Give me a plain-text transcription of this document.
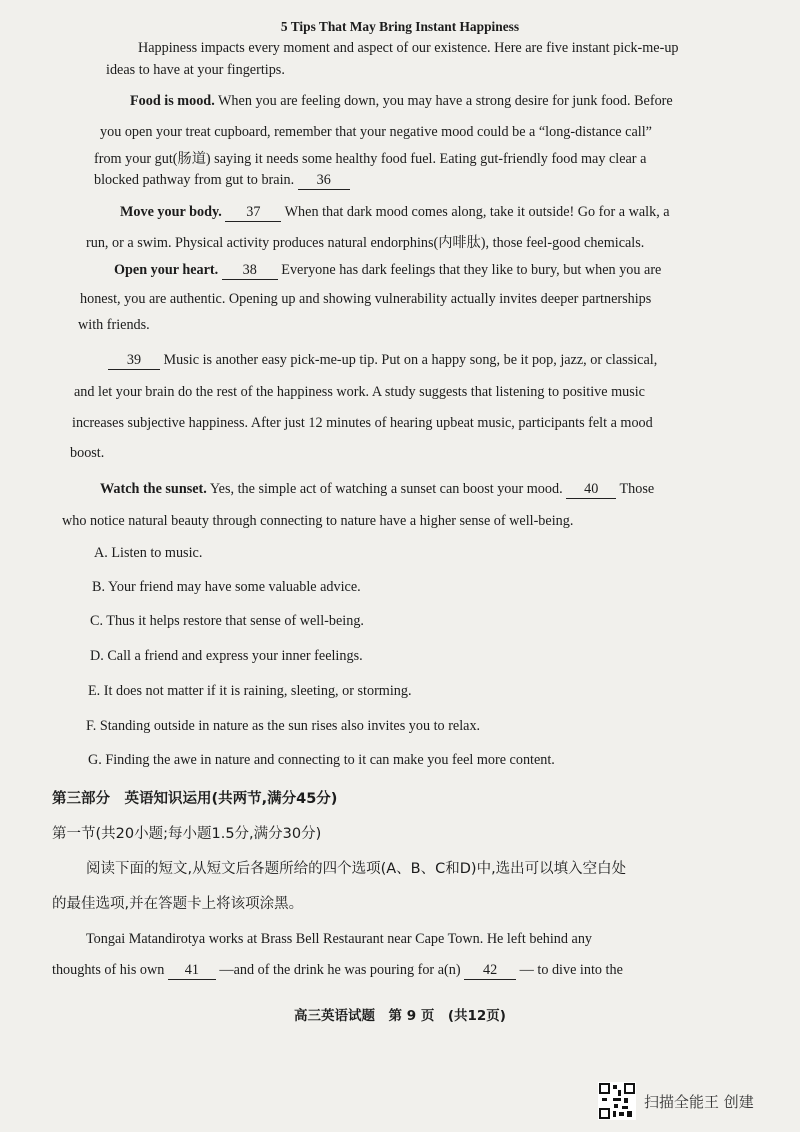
5 Tips That May Bring Instant Happiness
Happiness impacts every moment and aspect of our existence. Here are five instant pick-me-up
ideas to have at your fingertips.
Food is mood. When you are feeling down, you may have a strong desire for junk food. Before
you open your treat cupboard, remember that your negative mood could be a “long-distance call”
from your gut(肠道) saying it needs some healthy food fuel. Eating gut-friendly food may clear a
blocked pathway from gut to brain. 36
Move your body. 37 When that dark mood comes along, take it outside! Go for a walk, a
run, or a swim. Physical activity produces natural endorphins(内啡肽), those feel-good chemicals.
Open your heart. 38 Everyone has dark feelings that they like to bury, but when you are
honest, you are authentic. Opening up and showing vulnerability actually invites deeper partnerships
with friends.
39 Music is another easy pick-me-up tip. Put on a happy song, be it pop, jazz, or classical,
and let your brain do the rest of the happiness work. A study suggests that listening to positive music
increases subjective happiness. After just 12 minutes of hearing upbeat music, participants felt a mood
boost.
Watch the sunset. Yes, the simple act of watching a sunset can boost your mood. 40 Those
who notice natural beauty through connecting to nature have a higher sense of well-being.
A. Listen to music.
B. Your friend may have some valuable advice.
C. Thus it helps restore that sense of well-being.
D. Call a friend and express your inner feelings.
E. It does not matter if it is raining, sleeting, or storming.
F. Standing outside in nature as the sun rises also invites you to relax.
G. Finding the awe in nature and connecting to it can make you feel more content.
第三部分　英语知识运用(共两节,满分45分)
第一节(共20小题;每小题1.5分,满分30分)
阅读下面的短文,从短文后各题所给的四个选项(A、B、C和D)中,选出可以填入空白处
的最佳选项,并在答题卡上将该项涂黑。
Tongai Matandirotya works at Brass Bell Restaurant near Cape Town. He left behind any
thoughts of his own 41 —and of the drink he was pouring for a(n) 42 — to dive into the
高三英语试题　第 9 页　(共12页)
扫描全能王 创建
